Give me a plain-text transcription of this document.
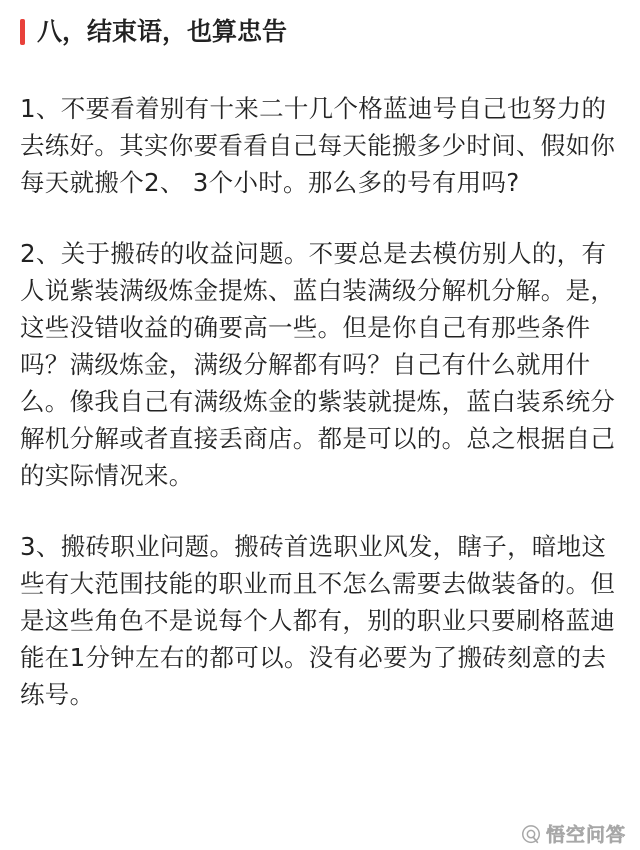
八，结束语，也算忠告

1、不要看着别有十来二十几个格蓝迪号自己也努力的去练好。其实你要看看自己每天能搬多少时间、假如你每天就搬个2、 3个小时。那么多的号有用吗?

2、关于搬砖的收益问题。不要总是去模仿别人的，有人说紫装满级炼金提炼、蓝白装满级分解机分解。是，这些没错收益的确要高一些。但是你自己有那些条件吗？满级炼金，满级分解都有吗？自己有什么就用什么。像我自己有满级炼金的紫装就提炼，蓝白装系统分解机分解或者直接丢商店。都是可以的。总之根据自己的实际情况来。

3、搬砖职业问题。搬砖首选职业风发，瞎子，暗地这些有大范围技能的职业而且不怎么需要去做装备的。但是这些角色不是说每个人都有，别的职业只要刷格蓝迪能在1分钟左右的都可以。没有必要为了搬砖刻意的去练号。

悟空问答
